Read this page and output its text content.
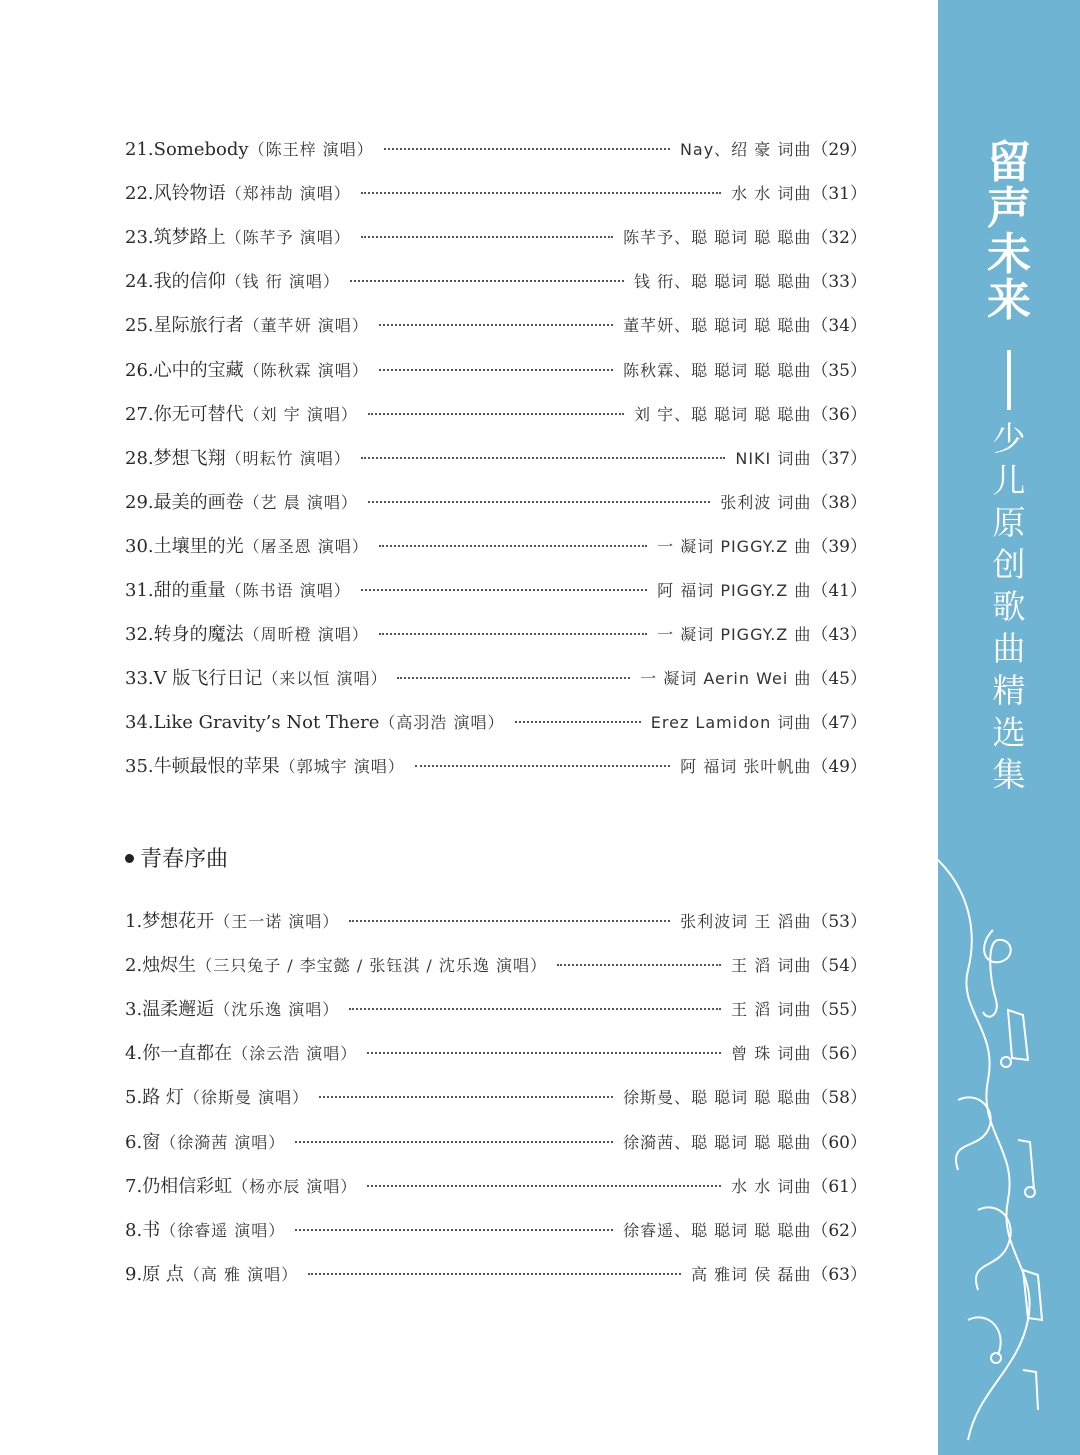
21. Somebody （陈王梓 演唱）	Nay、绍 豪 词曲 （29）
22. 风铃物语 （郑祎劼 演唱）	水 水 词曲 （31）
23. 筑梦路上 （陈芊予 演唱）	陈芊予、聪 聪词 聪 聪曲 （32）
24. 我的信仰 （钱 衎 演唱）	钱 衎、聪 聪词 聪 聪曲 （33）
25. 星际旅行者 （董芊妍 演唱）	董芊妍、聪 聪词 聪 聪曲 （34）
26. 心中的宝藏 （陈秋霖 演唱）	陈秋霖、聪 聪词 聪 聪曲 （35）
27. 你无可替代 （刘 宇 演唱）	刘 宇、聪 聪词 聪 聪曲 （36）
28. 梦想飞翔 （明耘竹 演唱）	NIKI 词曲 （37）
29. 最美的画卷 （艺 晨 演唱）	张利波 词曲 （38）
30. 土壤里的光 （屠圣恩 演唱）	一 凝词 PIGGY.Z 曲 （39）
31. 甜的重量 （陈书语 演唱）	阿 福词 PIGGY.Z 曲 （41）
32. 转身的魔法 （周昕橙 演唱）	一 凝词 PIGGY.Z 曲 （43）
33. V 版飞行日记 （来以恒 演唱）	一 凝词 Aerin Wei 曲 （45）
34. Like Gravity’s Not There （高羽浩 演唱）	Erez Lamidon 词曲 （47）
35. 牛顿最恨的苹果 （郭城宇 演唱）	阿 福词 张叶帆曲 （49）
青春序曲
1. 梦想花开 （王一诺 演唱）	张利波词 王 滔曲 （53）
2. 烛烬生 （三只兔子 / 李宝懿 / 张钰淇 / 沈乐逸 演唱）	王 滔 词曲 （54）
3. 温柔邂逅 （沈乐逸 演唱）	王 滔 词曲 （55）
4. 你一直都在 （涂云浩 演唱）	曾 珠 词曲 （56）
5. 路 灯 （徐斯曼 演唱）	徐斯曼、聪 聪词 聪 聪曲 （58）
6. 窗 （徐漪茜 演唱）	徐漪茜、聪 聪词 聪 聪曲 （60）
7. 仍相信彩虹 （杨亦辰 演唱）	水 水 词曲 （61）
8. 书 （徐睿遥 演唱）	徐睿遥、聪 聪词 聪 聪曲 （62）
9. 原 点 （高 雅 演唱）	高 雅词 侯 磊曲 （63）
留
声
未
来
少
儿
原
创
歌
曲
精
选
集
